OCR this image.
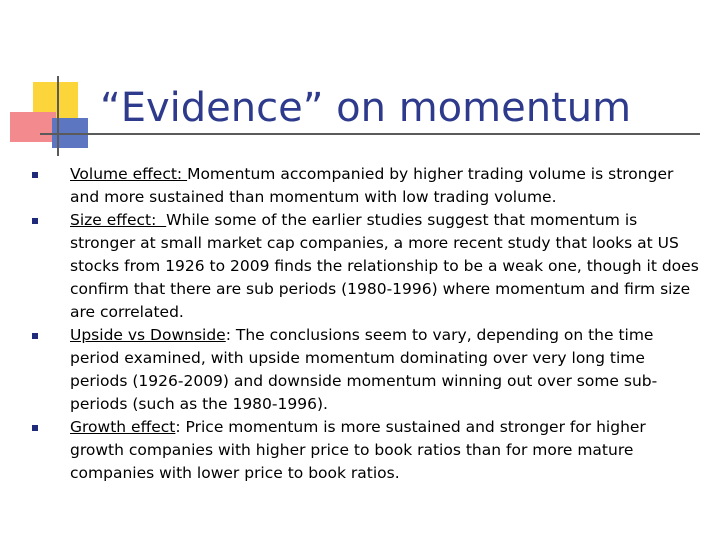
“Evidence” on momentum
Volume effect: Momentum accompanied by higher trading volume is stronger and more sustained than momentum with low trading volume.
Size effect:  While some of the earlier studies suggest that momentum is stronger at small market cap companies, a more recent study that looks at US stocks from 1926 to 2009 finds the relationship to be a weak one, though it does confirm that there are sub periods (1980-1996) where momentum and firm size are correlated.
Upside vs Downside: The conclusions seem to vary, depending on the time period examined, with upside momentum dominating over very long time periods (1926-2009) and downside momentum winning out over some sub-periods (such as the 1980-1996).
Growth effect: Price momentum is more sustained and stronger for higher growth companies with higher price to book ratios than for more mature companies with lower price to book ratios.
